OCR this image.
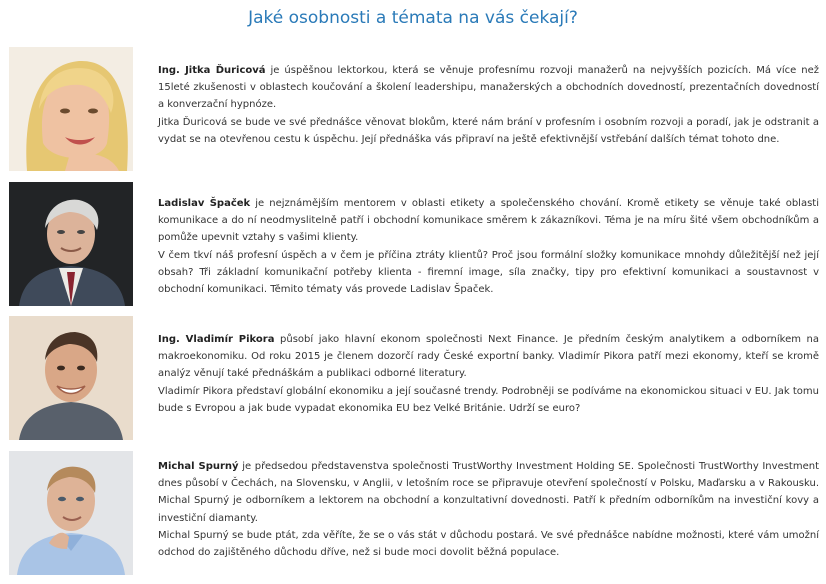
Jaké osobnosti a témata na vás čekají?

Ing. Jitka Ďuricová je úspěšnou lektorkou, která se věnuje profesnímu rozvoji manažerů na nejvyšších pozicích. Má více než 15leté zkušenosti v oblastech koučování a školení leadershipu, manažerských a obchodních dovedností, prezentačních dovedností a konverzační hypnóze.

Jitka Ďuricová se bude ve své přednášce věnovat blokům, které nám brání v profesním i osobním rozvoji a poradí, jak je odstranit a vydat se na otevřenou cestu k úspěchu. Její přednáška vás připraví na ještě efektivnější vstřebání dalších témat tohoto dne.

Ladislav Špaček je nejznámějším mentorem v oblasti etikety a společenského chování. Kromě etikety se věnuje také oblasti komunikace a do ní neodmyslitelně patří i obchodní komunikace směrem k zákazníkovi. Téma je na míru šité všem obchodníkům a pomůže upevnit vztahy s vašimi klienty.

V čem tkví náš profesní úspěch a v čem je příčina ztráty klientů? Proč jsou formální složky komunikace mnohdy důležitější než její obsah? Tři základní komunikační potřeby klienta - firemní image, síla značky, tipy pro efektivní komunikaci a soustavnost v obchodní komunikaci. Těmito tématy vás provede Ladislav Špaček.

Ing. Vladimír Pikora působí jako hlavní ekonom společnosti Next Finance. Je předním českým analytikem a odborníkem na makroekonomiku. Od roku 2015 je členem dozorčí rady České exportní banky. Vladimír Pikora patří mezi ekonomy, kteří se kromě analýz věnují také přednáškám a publikaci odborné literatury.

Vladimír Pikora představí globální ekonomiku a její současné trendy. Podrobněji se podíváme na ekonomickou situaci v EU. Jak tomu bude s Evropou a jak bude vypadat ekonomika EU bez Velké Británie. Udrží se euro?

Michal Spurný je předsedou představenstva společnosti TrustWorthy Investment Holding SE. Společnosti TrustWorthy Investment dnes působí v Čechách, na Slovensku, v Anglii, v letošním roce se připravuje otevření společností v Polsku, Maďarsku a v Rakousku. Michal Spurný je odborníkem a lektorem na obchodní a konzultativní dovednosti. Patří k předním odborníkům na investiční kovy a investiční diamanty.

Michal Spurný se bude ptát, zda věříte, že se o vás stát v důchodu postará. Ve své přednášce nabídne možnosti, které vám umožní odchod do zajištěného důchodu dříve, než si bude moci dovolit běžná populace.
